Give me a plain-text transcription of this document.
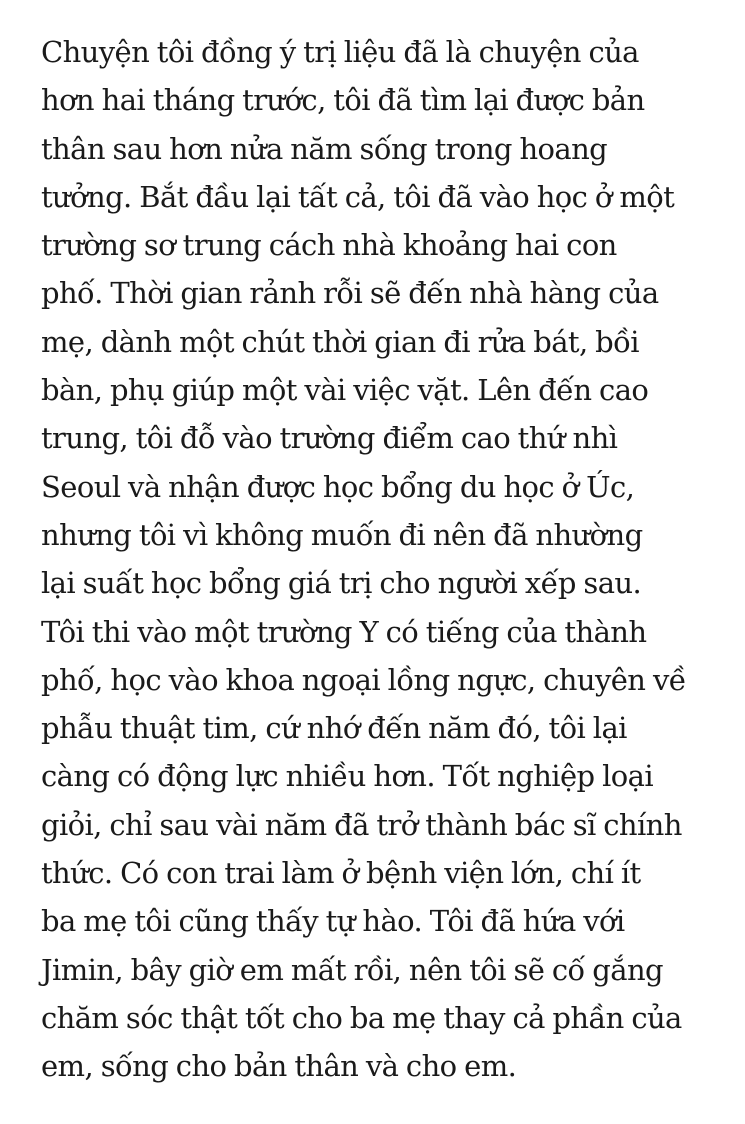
Chuyện tôi đồng ý trị liệu đã là chuyện của
hơn hai tháng trước, tôi đã tìm lại được bản
thân sau hơn nửa năm sống trong hoang
tưởng. Bắt đầu lại tất cả, tôi đã vào học ở một
trường sơ trung cách nhà khoảng hai con
phố. Thời gian rảnh rỗi sẽ đến nhà hàng của
mẹ, dành một chút thời gian đi rửa bát, bồi
bàn, phụ giúp một vài việc vặt. Lên đến cao
trung, tôi đỗ vào trường điểm cao thứ nhì
Seoul và nhận được học bổng du học ở Úc,
nhưng tôi vì không muốn đi nên đã nhường
lại suất học bổng giá trị cho người xếp sau.
Tôi thi vào một trường Y có tiếng của thành
phố, học vào khoa ngoại lồng ngực, chuyên về
phẫu thuật tim, cứ nhớ đến năm đó, tôi lại
càng có động lực nhiều hơn. Tốt nghiệp loại
giỏi, chỉ sau vài năm đã trở thành bác sĩ chính
thức. Có con trai làm ở bệnh viện lớn, chí ít
ba mẹ tôi cũng thấy tự hào. Tôi đã hứa với
Jimin, bây giờ em mất rồi, nên tôi sẽ cố gắng
chăm sóc thật tốt cho ba mẹ thay cả phần của
em, sống cho bản thân và cho em.
